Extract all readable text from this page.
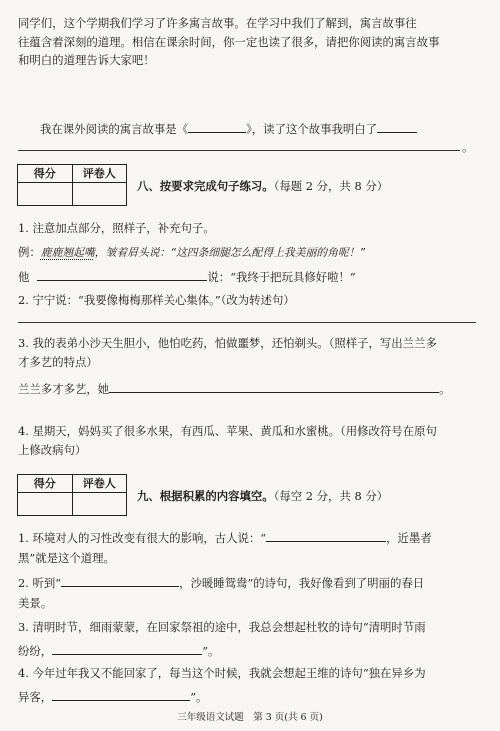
同学们，这个学期我们学习了许多寓言故事。在学习中我们了解到，寓言故事往
往蕴含着深刻的道理。相信在课余时间，你一定也读了很多，请把你阅读的寓言故事
和明白的道理告诉大家吧！
我在课外阅读的寓言故事是《	》，读了这个故事我明白了
。
得分	评卷人
八、按要求完成句子练习。（每题 2 分，共 8 分）
1. 注意加点部分，照样子，补充句子。
例：鹿鹿翘起嘴，皱着眉头说：“这四条细腿怎么配得上我美丽的角呢！”
他	说：“我终于把玩具修好啦！”
2. 宁宁说：“我要像梅梅那样关心集体。”（改为转述句）
3. 我的表弟小沙天生胆小，他怕吃药，怕做噩梦，还怕剃头。（照样子，写出兰兰多
才多艺的特点）
兰兰多才多艺，她	。
4. 星期天，妈妈买了很多水果，有西瓜、苹果、黄瓜和水蜜桃。（用修改符号在原句
上修改病句）
得分	评卷人
九、根据积累的内容填空。（每空 2 分，共 8 分）
1. 环境对人的习性改变有很大的影响，古人说：“	，近墨者
黑”就是这个道理。
2. 听到“	，沙暖睡鸳鸯”的诗句，我好像看到了明丽的春日
美景。
3. 清明时节，细雨蒙蒙，在回家祭祖的途中，我总会想起杜牧的诗句“清明时节雨
纷纷，	”。
4. 今年过年我又不能回家了，每当这个时候，我就会想起王维的诗句“独在异乡为
异客，	”。
三年级语文试题　第 3 页(共 6 页)
